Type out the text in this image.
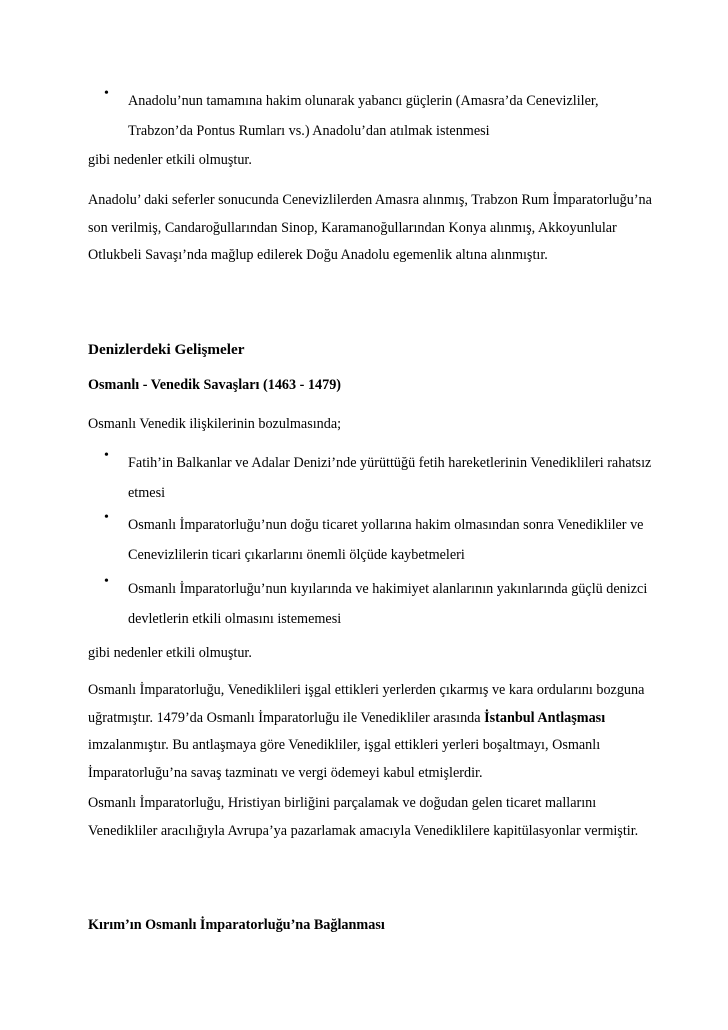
• Anadolu’nun tamamına hakim olunarak yabancı güçlerin (Amasra’da Cenevizliler, Trabzon’da Pontus Rumları vs.) Anadolu’dan atılmak istenmesi
gibi nedenler etkili olmuştur.
Anadolu’ daki seferler sonucunda Cenevizlilerden Amasra alınmış, Trabzon Rum İmparatorluğu’na son verilmiş, Candaroğullarından Sinop, Karamanoğullarından Konya alınmış, Akkoyunlular Otlukbeli Savaşı’nda mağlup edilerek Doğu Anadolu egemenlik altına alınmıştır.
Denizlerdeki Gelişmeler
Osmanlı - Venedik Savaşları (1463 - 1479)
Osmanlı Venedik ilişkilerinin bozulmasında;
• Fatih’in Balkanlar ve Adalar Denizi’nde yürüttüğü fetih hareketlerinin Venediklileri rahatsız etmesi
• Osmanlı İmparatorluğu’nun doğu ticaret yollarına hakim olmasından sonra Venedikliler ve Cenevizlilerin ticari çıkarlarını önemli ölçüde kaybetmeleri
• Osmanlı İmparatorluğu’nun kıyılarında ve hakimiyet alanlarının yakınlarında güçlü denizci devletlerin etkili olmasını istememesi
gibi nedenler etkili olmuştur.
Osmanlı İmparatorluğu, Venediklileri işgal ettikleri yerlerden çıkarmış ve kara ordularını bozguna uğratmıştır. 1479’da Osmanlı İmparatorluğu ile Venedikliler arasında İstanbul Antlaşması imzalanmıştır. Bu antlaşmaya göre Venedikliler, işgal ettikleri yerleri boşaltmayı, Osmanlı İmparatorluğu’na savaş tazminatı ve vergi ödemeyi kabul etmişlerdir.
Osmanlı İmparatorluğu, Hristiyan birliğini parçalamak ve doğudan gelen ticaret mallarını Venedikliler aracılığıyla Avrupa’ya pazarlamak amacıyla Venediklilere kapitülasyonlar vermiştir.
Kırım’ın Osmanlı İmparatorluğu’na Bağlanması
